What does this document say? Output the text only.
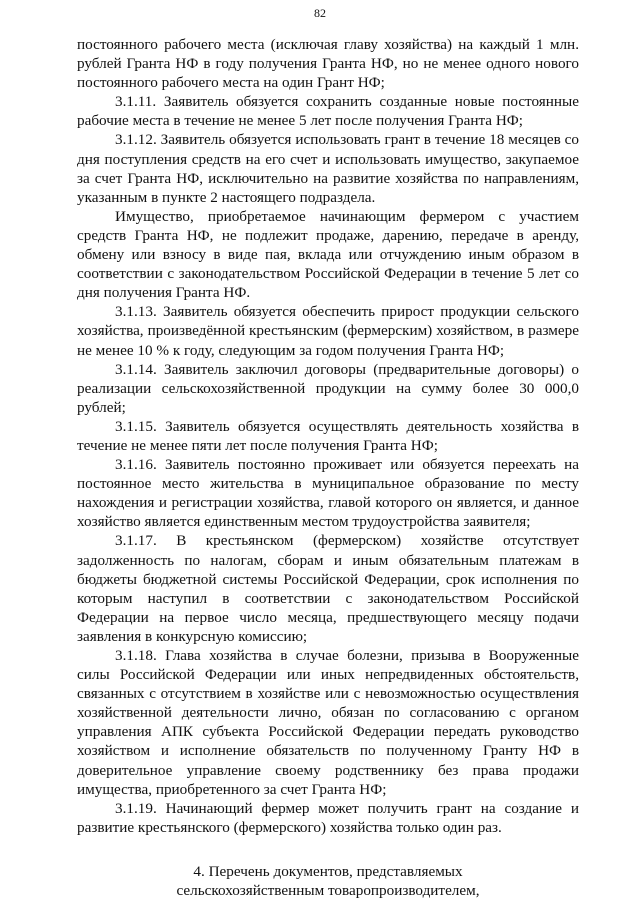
82

постоянного рабочего места (исключая главу хозяйства) на каждый 1 млн. рублей Гранта НФ в году получения Гранта НФ, но не менее одного нового постоянного рабочего места на один Грант НФ;

3.1.11. Заявитель обязуется сохранить созданные новые постоянные рабочие места в течение не менее 5 лет после получения Гранта НФ;

3.1.12. Заявитель обязуется использовать грант в течение 18 месяцев со дня поступления средств на его счет и использовать имущество, закупаемое за счет Гранта НФ, исключительно на развитие хозяйства по направлениям, указанным в пункте 2 настоящего подраздела.

Имущество, приобретаемое начинающим фермером с участием средств Гранта НФ, не подлежит продаже, дарению, передаче в аренду, обмену или взносу в виде пая, вклада или отчуждению иным образом в соответствии с законодательством Российской Федерации в течение 5 лет со дня получения Гранта НФ.

3.1.13. Заявитель обязуется обеспечить прирост продукции сельского хозяйства, произведённой крестьянским (фермерским) хозяйством, в размере не менее 10 % к году, следующим за годом получения Гранта НФ;

3.1.14. Заявитель заключил договоры (предварительные договоры) о реализации сельскохозяйственной продукции на сумму более 30 000,0 рублей;

3.1.15. Заявитель обязуется осуществлять деятельность хозяйства в течение не менее пяти лет после получения Гранта НФ;

3.1.16. Заявитель постоянно проживает или обязуется переехать на постоянное место жительства в муниципальное образование по месту нахождения и регистрации хозяйства, главой которого он является, и данное хозяйство является единственным местом трудоустройства заявителя;

3.1.17. В крестьянском (фермерском) хозяйстве отсутствует задолженность по налогам, сборам и иным обязательным платежам в бюджеты бюджетной системы Российской Федерации, срок исполнения по которым наступил в соответствии с законодательством Российской Федерации на первое число месяца, предшествующего месяцу подачи заявления в конкурсную комиссию;

3.1.18. Глава хозяйства в случае болезни, призыва в Вооруженные силы Российской Федерации или иных непредвиденных обстоятельств, связанных с отсутствием в хозяйстве или с невозможностью осуществления хозяйственной деятельности лично, обязан по согласованию с органом управления АПК субъекта Российской Федерации передать руководство хозяйством и исполнение обязательств по полученному Гранту НФ в доверительное управление своему родственнику без права продажи имущества, приобретенного за счет Гранта НФ;

3.1.19. Начинающий фермер может получить грант на создание и развитие крестьянского (фермерского) хозяйства только один раз.

4. Перечень документов, представляемых
сельскохозяйственным товаропроизводителем,
